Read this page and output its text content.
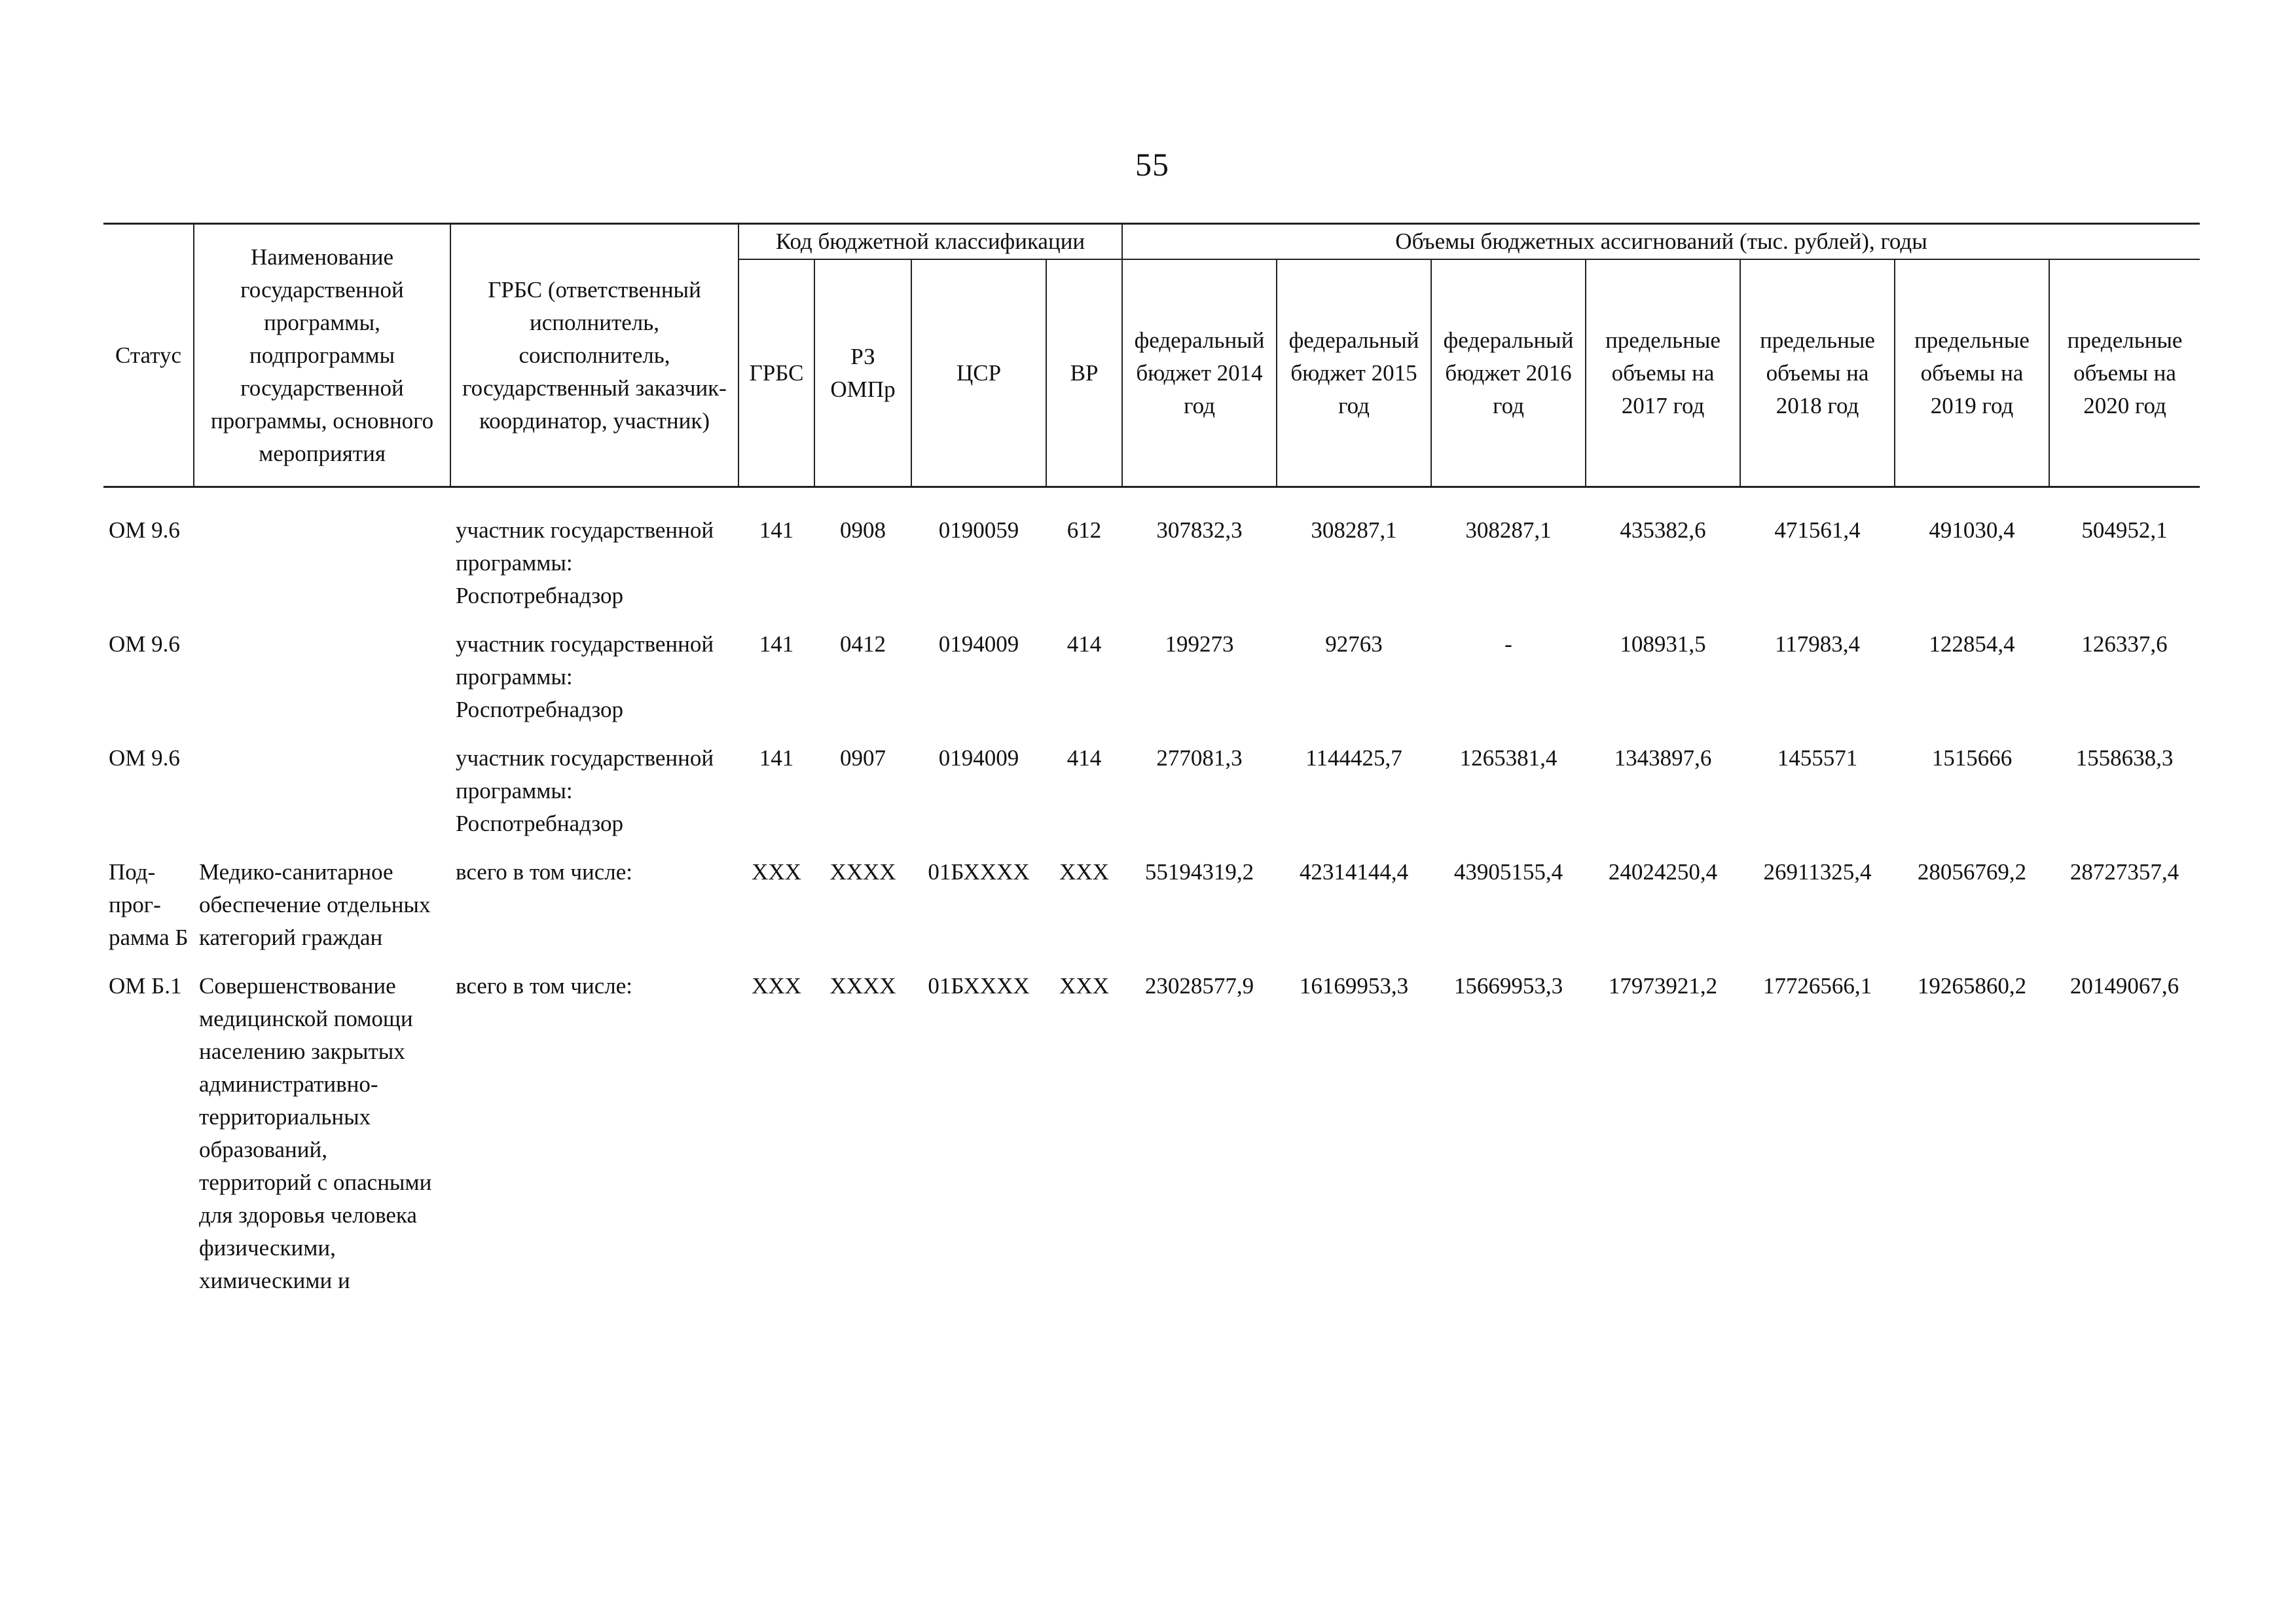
55
Статус	Наименование государственной программы, подпрограммы государственной программы, основного мероприятия	ГРБС (ответственный исполнитель, соисполнитель, государственный заказчик-координатор, участник)	Код бюджетной классификации				Объемы бюджетных ассигнований (тыс. рублей), годы						
			ГРБС	РЗ ОМПр	ЦСР	ВР	федеральный бюджет 2014 год	федеральный бюджет 2015 год	федеральный бюджет 2016 год	предельные объемы на 2017 год	предельные объемы на 2018 год	предельные объемы на 2019 год	предельные объемы на 2020 год

ОМ 9.6		участник государственной программы: Роспотребнадзор	141	0908	0190059	612	307832,3	308287,1	308287,1	435382,6	471561,4	491030,4	504952,1
ОМ 9.6		участник государственной программы: Роспотребнадзор	141	0412	0194009	414	199273	92763	-	108931,5	117983,4	122854,4	126337,6
ОМ 9.6		участник государственной программы: Роспотребнадзор	141	0907	0194009	414	277081,3	1144425,7	1265381,4	1343897,6	1455571	1515666	1558638,3
Под-прог-рамма Б	Медико-санитарное обеспечение отдельных категорий граждан	всего в том числе:	ХХХ	ХХХХ	01БХХХХ	ХХХ	55194319,2	42314144,4	43905155,4	24024250,4	26911325,4	28056769,2	28727357,4
ОМ Б.1	Совершенствование медицинской помощи населению закрытых административно-территориальных образований, территорий с опасными для здоровья человека физическими, химическими и	всего в том числе:	ХХХ	ХХХХ	01БХХХХ	ХХХ	23028577,9	16169953,3	15669953,3	17973921,2	17726566,1	19265860,2	20149067,6
